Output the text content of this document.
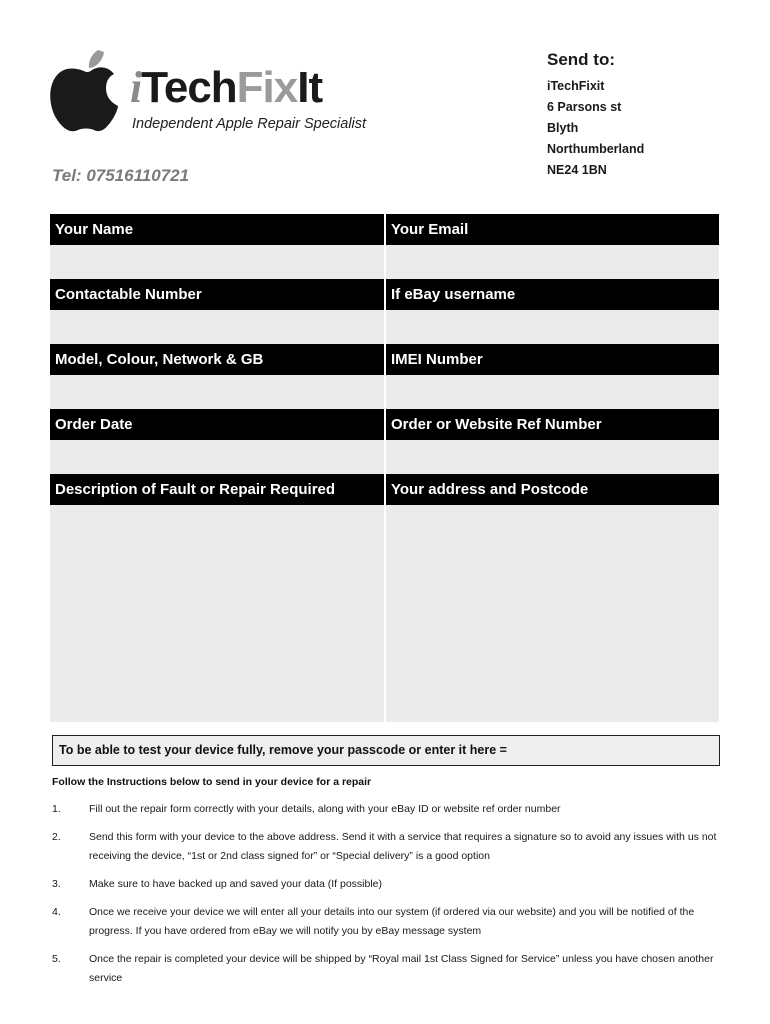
iTechFixIt
Independent Apple Repair Specialist
Tel: 07516110721
Send to:
iTechFixit
6 Parsons st
Blyth
Northumberland
NE24 1BN
Your Name	Your Email
Contactable Number	If eBay username
Model, Colour, Network & GB	IMEI Number
Order Date	Order or Website Ref Number
Description of Fault or Repair Required	Your address and Postcode
To be able to test your device fully, remove your passcode or enter it here =
Follow the Instructions below to send in your device for a repair
1.	Fill out the repair form correctly with your details, along with your eBay ID or website ref order number
2.	Send this form with your device to the above address. Send it with a service that requires a signature so to avoid any issues with us not receiving the device, “1st or 2nd class signed for” or “Special delivery” is a good option
3.	Make sure to have backed up and saved your data (If possible)
4.	Once we receive your device we will enter all your details into our system (if ordered via our website) and you will be notified of the progress. If you have ordered from eBay we will notify you by eBay message system
5.	Once the repair is completed your device will be shipped by “Royal mail 1st Class Signed for Service” unless you have chosen another service
